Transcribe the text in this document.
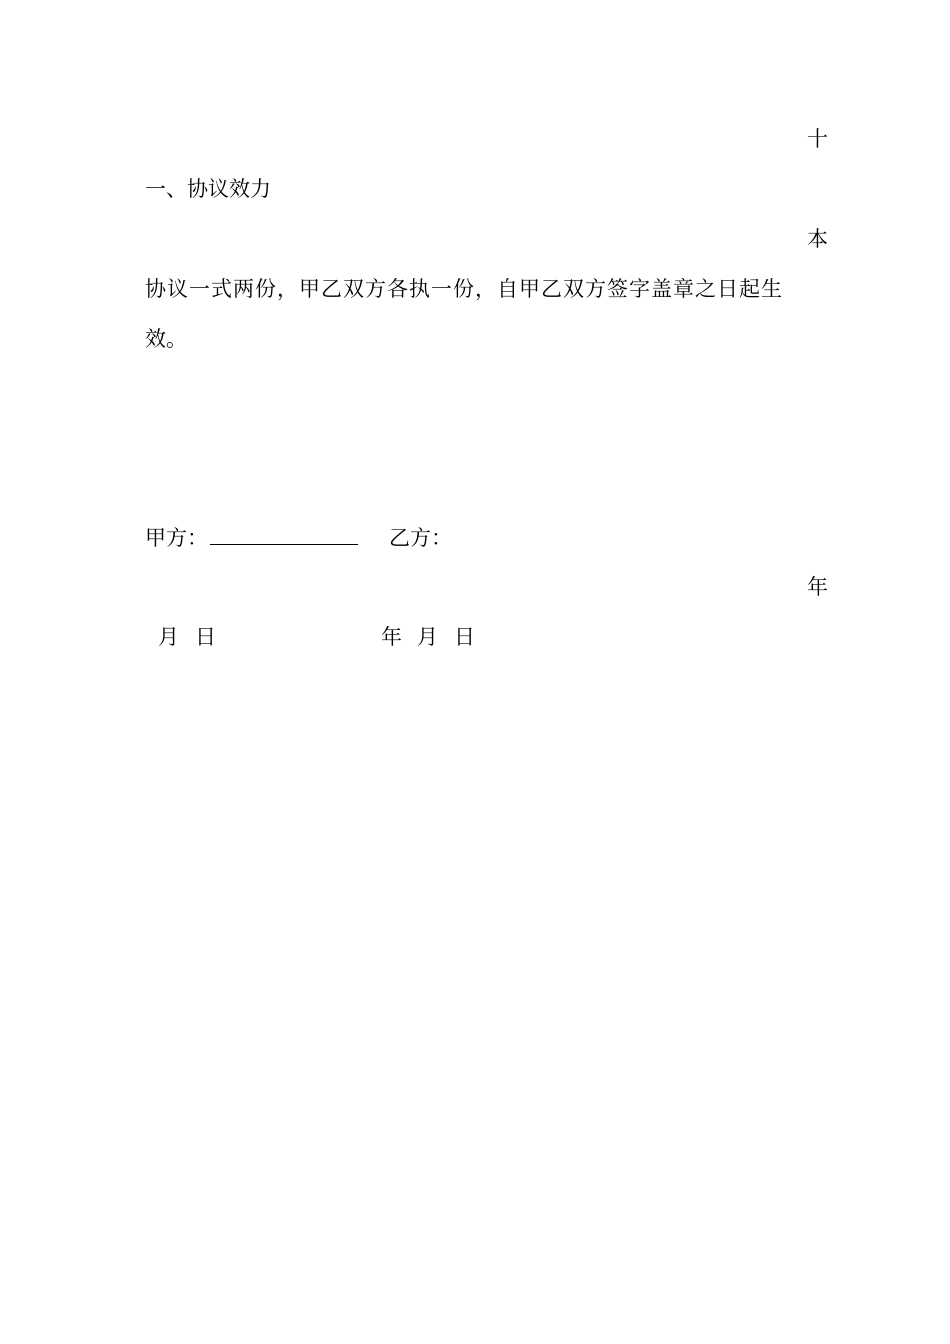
十
一、协议效力
本
协议一式两份，甲乙双方各执一份，自甲乙双方签字盖章之日起生
效。
甲方：	乙方：
年
月 日	年 月 日
